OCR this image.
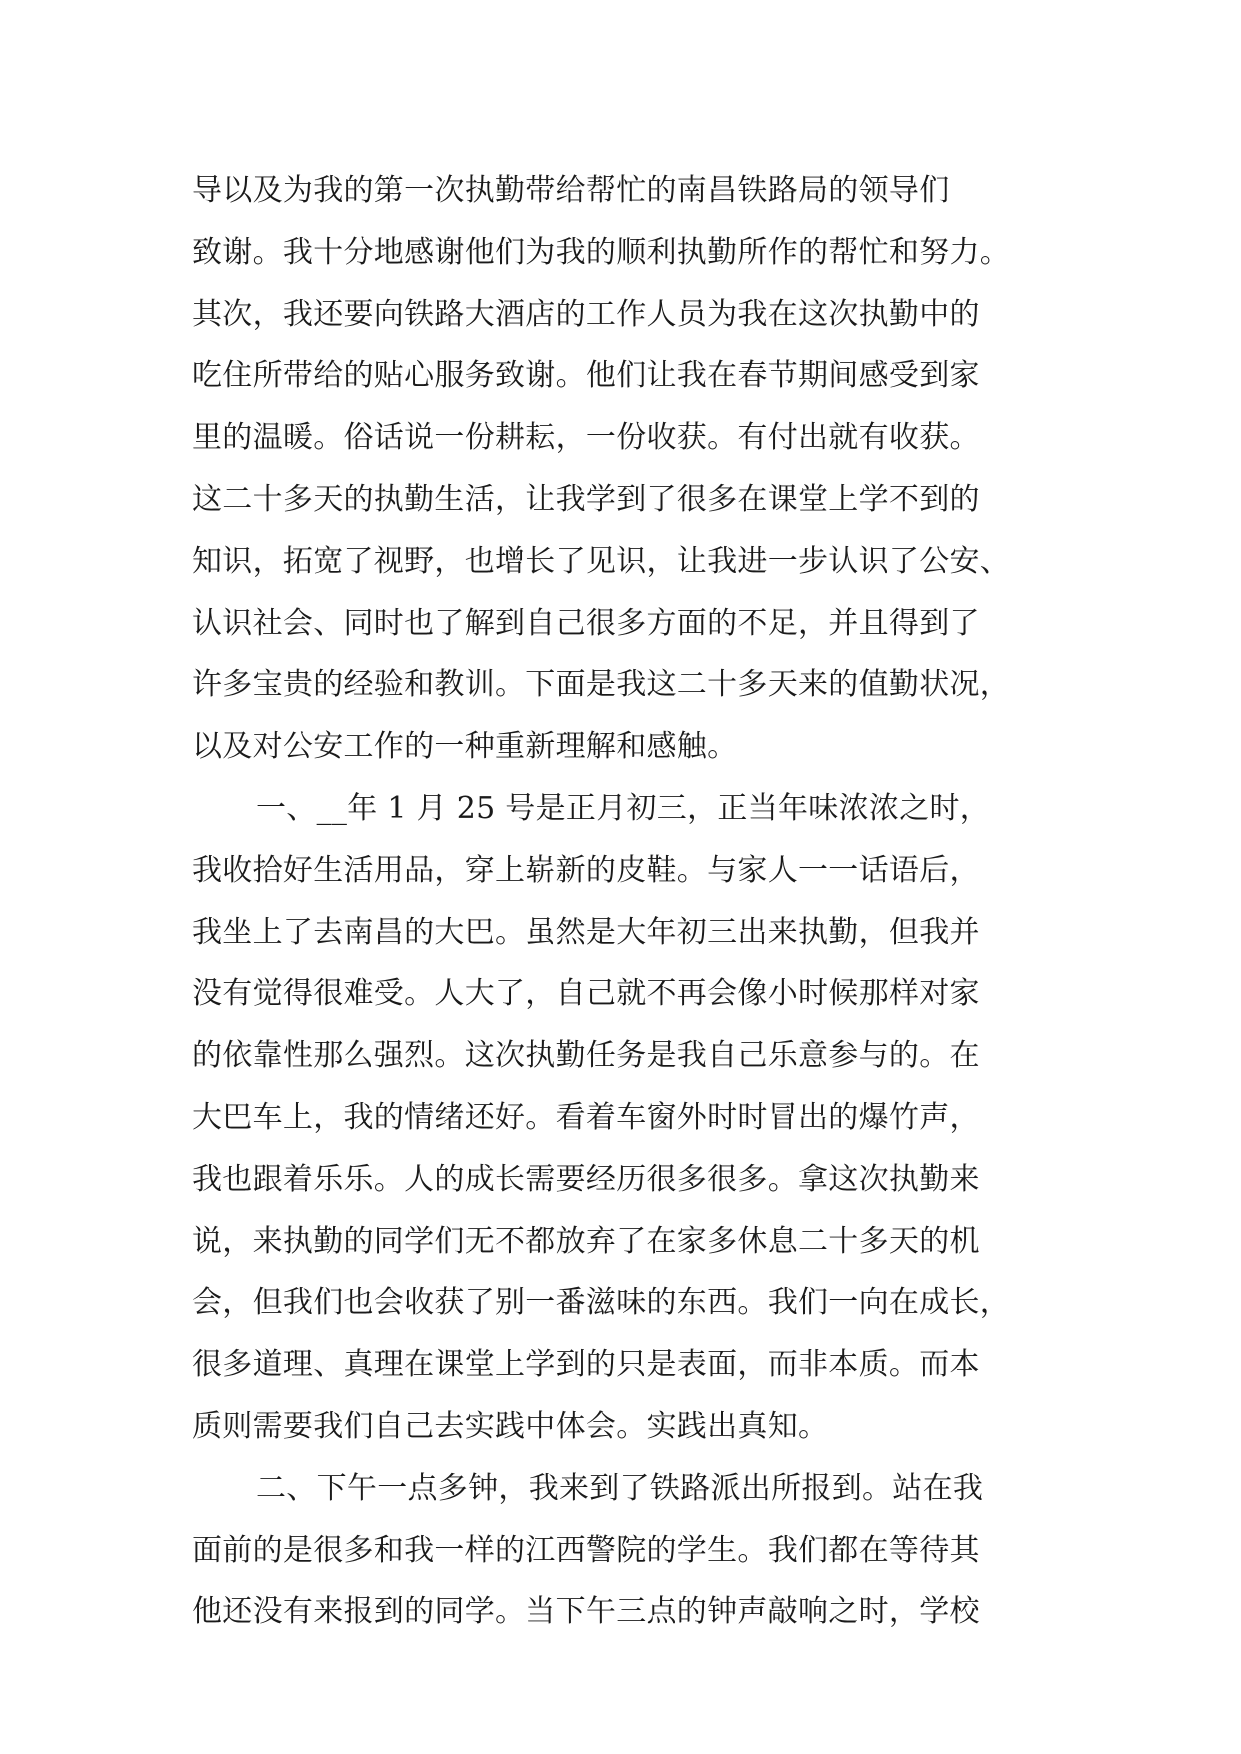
导以及为我的第一次执勤带给帮忙的南昌铁路局的领导们
致谢。我十分地感谢他们为我的顺利执勤所作的帮忙和努力。
其次，我还要向铁路大酒店的工作人员为我在这次执勤中的
吃住所带给的贴心服务致谢。他们让我在春节期间感受到家
里的温暖。俗话说一份耕耘，一份收获。有付出就有收获。
这二十多天的执勤生活，让我学到了很多在课堂上学不到的
知识，拓宽了视野，也增长了见识，让我进一步认识了公安、
认识社会、同时也了解到自己很多方面的不足，并且得到了
许多宝贵的经验和教训。下面是我这二十多天来的值勤状况，
以及对公安工作的一种重新理解和感触。
一、__年 1 月 25 号是正月初三，正当年味浓浓之时，
我收拾好生活用品，穿上崭新的皮鞋。与家人一一话语后，
我坐上了去南昌的大巴。虽然是大年初三出来执勤，但我并
没有觉得很难受。人大了，自己就不再会像小时候那样对家
的依靠性那么强烈。这次执勤任务是我自己乐意参与的。在
大巴车上，我的情绪还好。看着车窗外时时冒出的爆竹声，
我也跟着乐乐。人的成长需要经历很多很多。拿这次执勤来
说，来执勤的同学们无不都放弃了在家多休息二十多天的机
会，但我们也会收获了别一番滋味的东西。我们一向在成长，
很多道理、真理在课堂上学到的只是表面，而非本质。而本
质则需要我们自己去实践中体会。实践出真知。
二、下午一点多钟，我来到了铁路派出所报到。站在我
面前的是很多和我一样的江西警院的学生。我们都在等待其
他还没有来报到的同学。当下午三点的钟声敲响之时，学校
